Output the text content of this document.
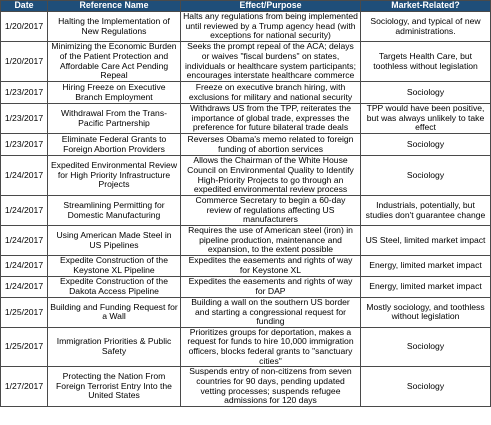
Date	Reference Name	Effect/Purpose	Market-Related?
1/20/2017	Halting the Implementation of New Regulations	Halts any regulations from being implemented until reviewed by a Trump agency head (with exceptions for national security)	Sociology, and typical of new administrations.
1/20/2017	Minimizing the Economic Burden of the Patient Protection and Affordable Care Act Pending Repeal	Seeks the prompt repeal of the ACA; delays or waives "fiscal burdens" on states, individuals or healthcare system participants; encourages interstate healthcare commerce	Targets Health Care, but toothless without legislation
1/23/2017	Hiring Freeze on Executive Branch Employment	Freeze on executive branch hiring, with exclusions for military and national security	Sociology
1/23/2017	Withdrawal From the Trans-Pacific Partnership	Withdraws US from the TPP, reiterates the importance of global trade, expresses the preference for future bilateral trade deals	TPP would have been positive, but was always unlikely to take effect
1/23/2017	Eliminate Federal Grants to Foreign Abortion Providers	Reverses Obama's memo related to foreign funding of abortion services	Sociology
1/24/2017	Expedited Environmental Review for High Priority Infrastructure Projects	Allows the Chairman of the White House Council on Environmental Quality to Identify High-Priority Projects to go through an expedited environmental review process	Sociology
1/24/2017	Streamlining Permitting for Domestic Manufacturing	Commerce Secretary to begin a 60-day review of regulations affecting US manufacturers	Industrials, potentially, but studies don't guarantee change
1/24/2017	Using American Made Steel in US Pipelines	Requires the use of American steel (iron) in pipeline production, maintenance and expansion, to the extent possible	US Steel, limited market impact
1/24/2017	Expedite Construction of the Keystone XL Pipeline	Expedites the easements and rights of way for Keystone XL	Energy, limited market impact
1/24/2017	Expedite Construction of the Dakota Access Pipeline	Expedites the easements and rights of way for DAP	Energy, limited market impact
1/25/2017	Building and Funding Request for a Wall	Building a wall on the southern US border and starting a congressional request for funding	Mostly sociology, and toothless without legislation
1/25/2017	Immigration Priorities & Public Safety	Prioritizes groups for deportation, makes a request for funds to hire 10,000 immigration officers, blocks federal grants to "sanctuary cities"	Sociology
1/27/2017	Protecting the Nation From Foreign Terrorist Entry Into the United States	Suspends entry of non-citizens from seven countries for 90 days, pending updated vetting processes; suspends refugee admissions for 120 days	Sociology
